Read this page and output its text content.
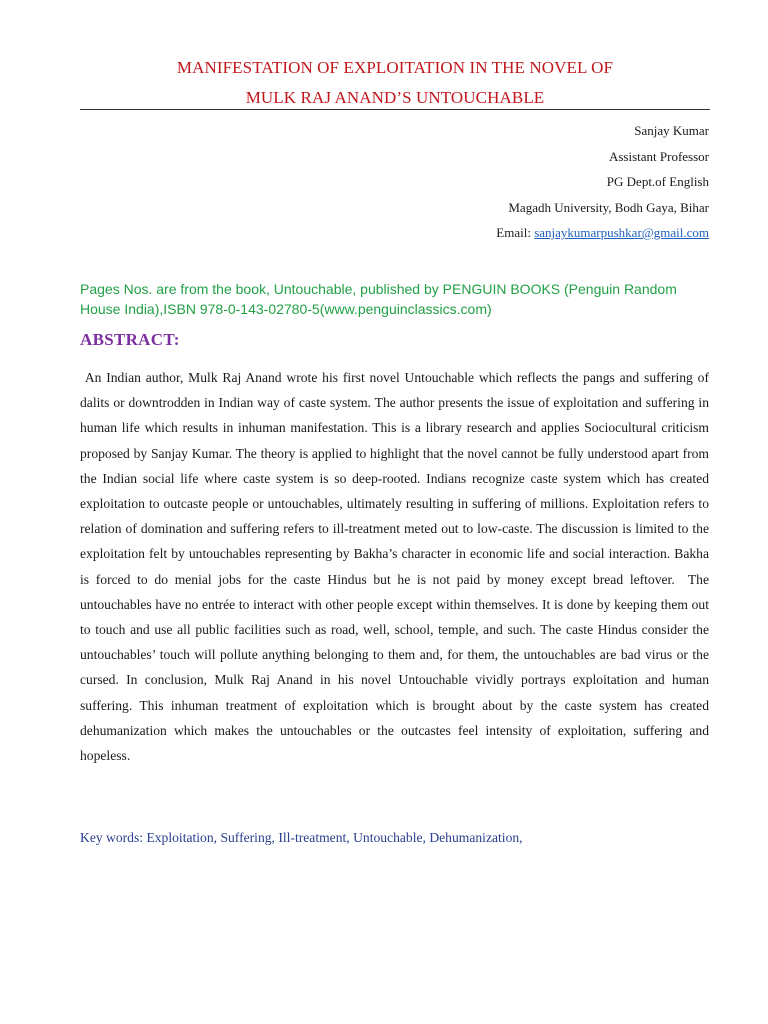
MANIFESTATION OF EXPLOITATION IN THE NOVEL OF
MULK RAJ ANAND’S UNTOUCHABLE
Sanjay Kumar
Assistant Professor
PG Dept.of English
Magadh University, Bodh Gaya, Bihar
Email: sanjaykumarpushkar@gmail.com
Pages Nos. are from the book, Untouchable, published by PENGUIN BOOKS (Penguin Random House India),ISBN 978-0-143-02780-5(www.penguinclassics.com)
ABSTRACT:
An Indian author, Mulk Raj Anand wrote his first novel Untouchable which reflects the pangs and suffering of dalits or downtrodden in Indian way of caste system. The author presents the issue of exploitation and suffering in human life which results in inhuman manifestation. This is a library research and applies Sociocultural criticism proposed by Sanjay Kumar. The theory is applied to highlight that the novel cannot be fully understood apart from the Indian social life where caste system is so deep-rooted. Indians recognize caste system which has created exploitation to outcaste people or untouchables, ultimately resulting in suffering of millions. Exploitation refers to relation of domination and suffering refers to ill-treatment meted out to low-caste. The discussion is limited to the exploitation felt by untouchables representing by Bakha’s character in economic life and social interaction. Bakha is forced to do menial jobs for the caste Hindus but he is not paid by money except bread leftover.  The untouchables have no entrée to interact with other people except within themselves. It is done by keeping them out to touch and use all public facilities such as road, well, school, temple, and such. The caste Hindus consider the untouchables’ touch will pollute anything belonging to them and, for them, the untouchables are bad virus or the cursed. In conclusion, Mulk Raj Anand in his novel Untouchable vividly portrays exploitation and human suffering. This inhuman treatment of exploitation which is brought about by the caste system has created dehumanization which makes the untouchables or the outcastes feel intensity of exploitation, suffering and hopeless.
Key words: Exploitation, Suffering, Ill-treatment, Untouchable, Dehumanization,
